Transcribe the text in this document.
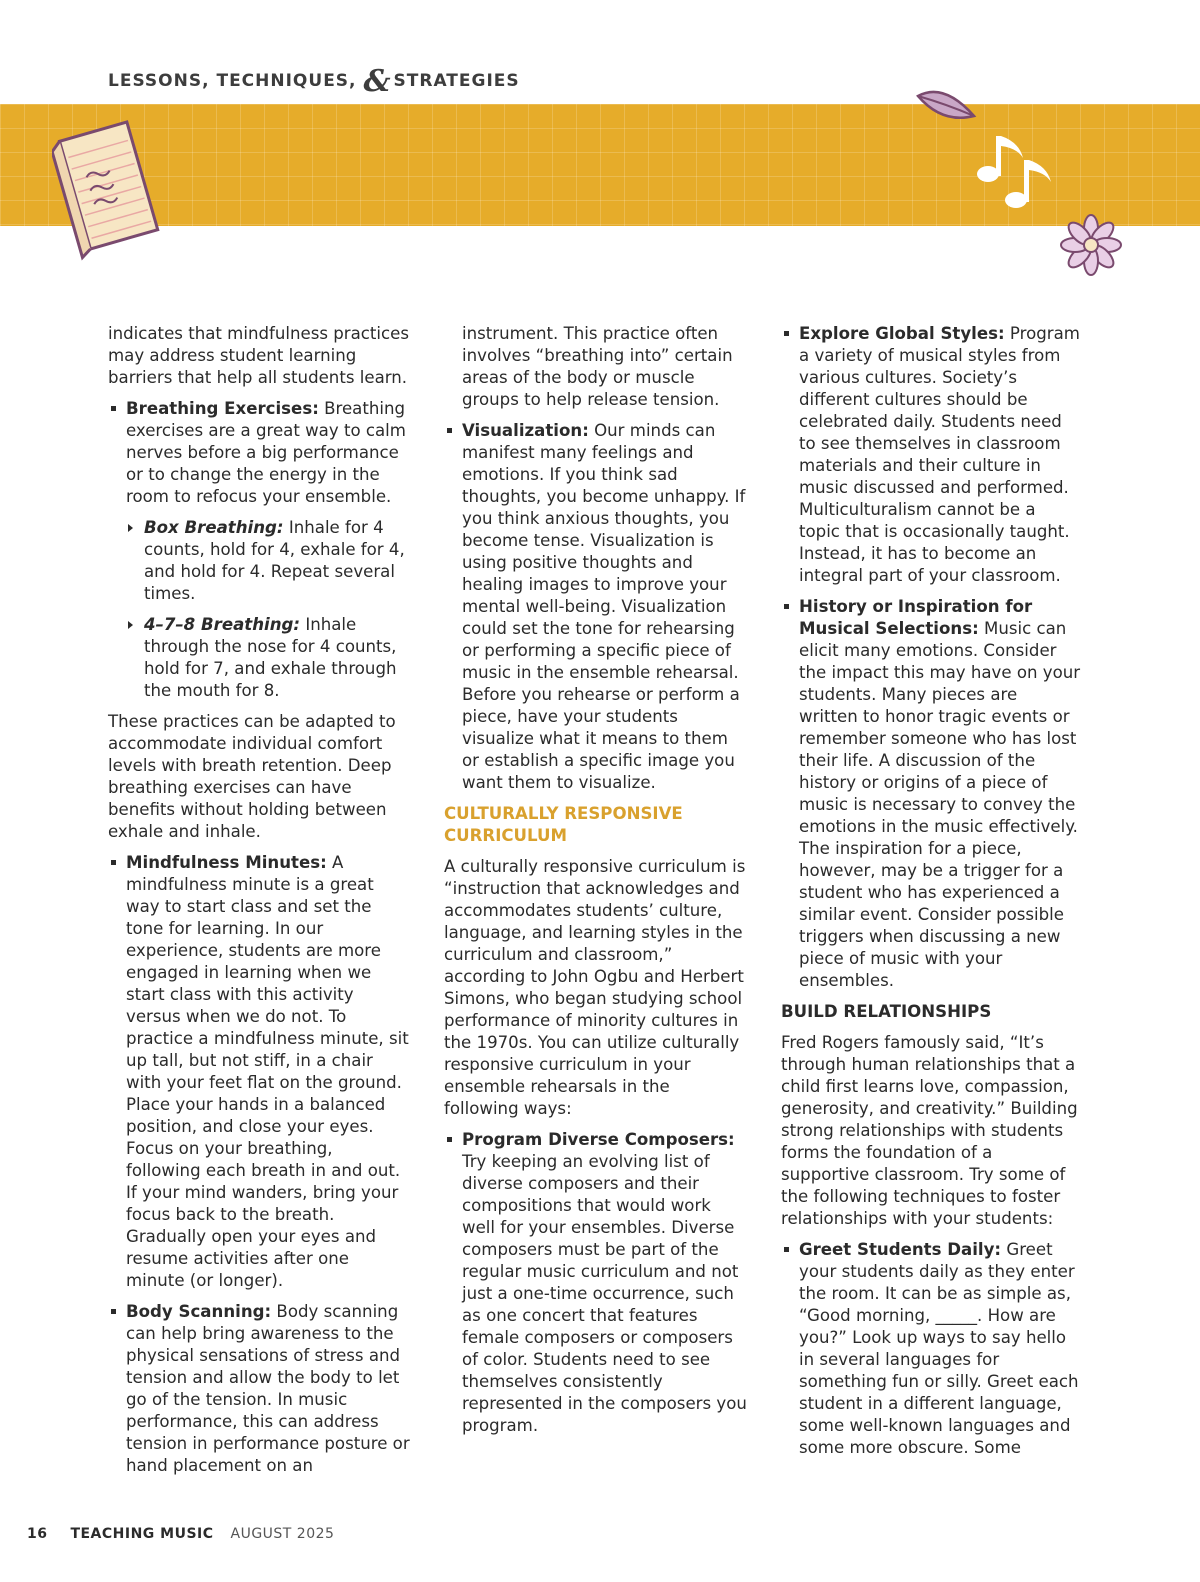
LESSONS, TECHNIQUES, & STRATEGIES

indicates that mindfulness practices may address student learning barriers that help all students learn.

Breathing Exercises: Breathing exercises are a great way to calm nerves before a big performance or to change the energy in the room to refocus your ensemble.
Box Breathing: Inhale for 4 counts, hold for 4, exhale for 4, and hold for 4. Repeat several times.
4–7–8 Breathing: Inhale through the nose for 4 counts, hold for 7, and exhale through the mouth for 8.

These practices can be adapted to accommodate individual comfort levels with breath retention. Deep breathing exercises can have benefits without holding between exhale and inhale.

Mindfulness Minutes: A mindfulness minute is a great way to start class and set the tone for learning. In our experience, students are more engaged in learning when we start class with this activity versus when we do not. To practice a mindfulness minute, sit up tall, but not stiff, in a chair with your feet flat on the ground. Place your hands in a balanced position, and close your eyes. Focus on your breathing, following each breath in and out. If your mind wanders, bring your focus back to the breath. Gradually open your eyes and resume activities after one minute (or longer).
Body Scanning: Body scanning can help bring awareness to the physical sensations of stress and tension and allow the body to let go of the tension. In music performance, this can address tension in performance posture or hand placement on an

instrument. This practice often involves “breathing into” certain areas of the body or muscle groups to help release tension.

Visualization: Our minds can manifest many feelings and emotions. If you think sad thoughts, you become unhappy. If you think anxious thoughts, you become tense. Visualization is using positive thoughts and healing images to improve your mental well-being. Visualization could set the tone for rehearsing or performing a specific piece of music in the ensemble rehearsal. Before you rehearse or perform a piece, have your students visualize what it means to them or establish a specific image you want them to visualize.

CULTURALLY RESPONSIVE CURRICULUM

A culturally responsive curriculum is “instruction that acknowledges and accommodates students’ culture, language, and learning styles in the curriculum and classroom,” according to John Ogbu and Herbert Simons, who began studying school performance of minority cultures in the 1970s. You can utilize culturally responsive curriculum in your ensemble rehearsals in the following ways:

Program Diverse Composers: Try keeping an evolving list of diverse composers and their compositions that would work well for your ensembles. Diverse composers must be part of the regular music curriculum and not just a one-time occurrence, such as one concert that features female composers or composers of color. Students need to see themselves consistently represented in the composers you program.
Explore Global Styles: Program a variety of musical styles from various cultures. Society’s different cultures should be celebrated daily. Students need to see themselves in classroom materials and their culture in music discussed and performed. Multiculturalism cannot be a topic that is occasionally taught. Instead, it has to become an integral part of your classroom.
History or Inspiration for Musical Selections: Music can elicit many emotions. Consider the impact this may have on your students. Many pieces are written to honor tragic events or remember someone who has lost their life. A discussion of the history or origins of a piece of music is necessary to convey the emotions in the music effectively. The inspiration for a piece, however, may be a trigger for a student who has experienced a similar event. Consider possible triggers when discussing a new piece of music with your ensembles.

BUILD RELATIONSHIPS

Fred Rogers famously said, “It’s through human relationships that a child first learns love, compassion, generosity, and creativity.” Building strong relationships with students forms the foundation of a supportive classroom. Try some of the following techniques to foster relationships with your students:

Greet Students Daily: Greet your students daily as they enter the room. It can be as simple as, “Good morning, _____. How are you?” Look up ways to say hello in several languages for something fun or silly. Greet each student in a different language, some well-known languages and some more obscure. Some
16 TEACHING MUSIC AUGUST 2025
